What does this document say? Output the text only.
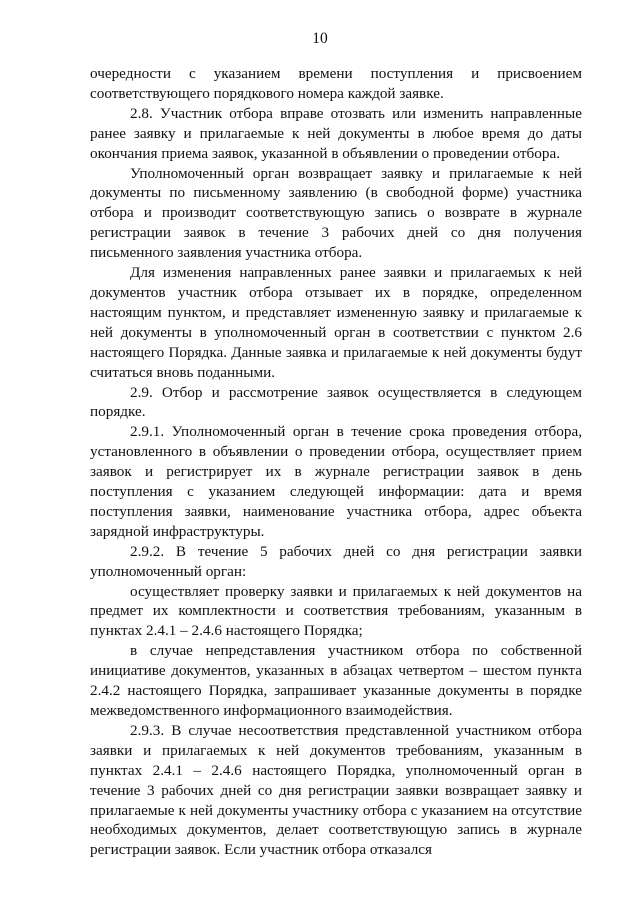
10

очередности с указанием времени поступления и присвоением соответствующего порядкового номера каждой заявке.

2.8. Участник отбора вправе отозвать или изменить направленные ранее заявку и прилагаемые к ней документы в любое время до даты окончания приема заявок, указанной в объявлении о проведении отбора.

Уполномоченный орган возвращает заявку и прилагаемые к ней документы по письменному заявлению (в свободной форме) участника отбора и производит соответствующую запись о возврате в журнале регистрации заявок в течение 3 рабочих дней со дня получения письменного заявления участника отбора.

Для изменения направленных ранее заявки и прилагаемых к ней документов участник отбора отзывает их в порядке, определенном настоящим пунктом, и представляет измененную заявку и прилагаемые к ней документы в уполномоченный орган в соответствии с пунктом 2.6 настоящего Порядка. Данные заявка и прилагаемые к ней документы будут считаться вновь поданными.

2.9. Отбор и рассмотрение заявок осуществляется в следующем порядке.

2.9.1. Уполномоченный орган в течение срока проведения отбора, установленного в объявлении о проведении отбора, осуществляет прием заявок и регистрирует их в журнале регистрации заявок в день поступления с указанием следующей информации: дата и время поступления заявки, наименование участника отбора, адрес объекта зарядной инфраструктуры.

2.9.2. В течение 5 рабочих дней со дня регистрации заявки уполномоченный орган:

осуществляет проверку заявки и прилагаемых к ней документов на предмет их комплектности и соответствия требованиям, указанным в пунктах 2.4.1 – 2.4.6 настоящего Порядка;

в случае непредставления участником отбора по собственной инициативе документов, указанных в абзацах четвертом – шестом пункта 2.4.2 настоящего Порядка, запрашивает указанные документы в порядке межведомственного информационного взаимодействия.

2.9.3. В случае несоответствия представленной участником отбора заявки и прилагаемых к ней документов требованиям, указанным в пунктах 2.4.1 – 2.4.6 настоящего Порядка, уполномоченный орган в течение 3 рабочих дней со дня регистрации заявки возвращает заявку и прилагаемые к ней документы участнику отбора с указанием на отсутствие необходимых документов, делает соответствующую запись в журнале регистрации заявок. Если участник отбора отказался
